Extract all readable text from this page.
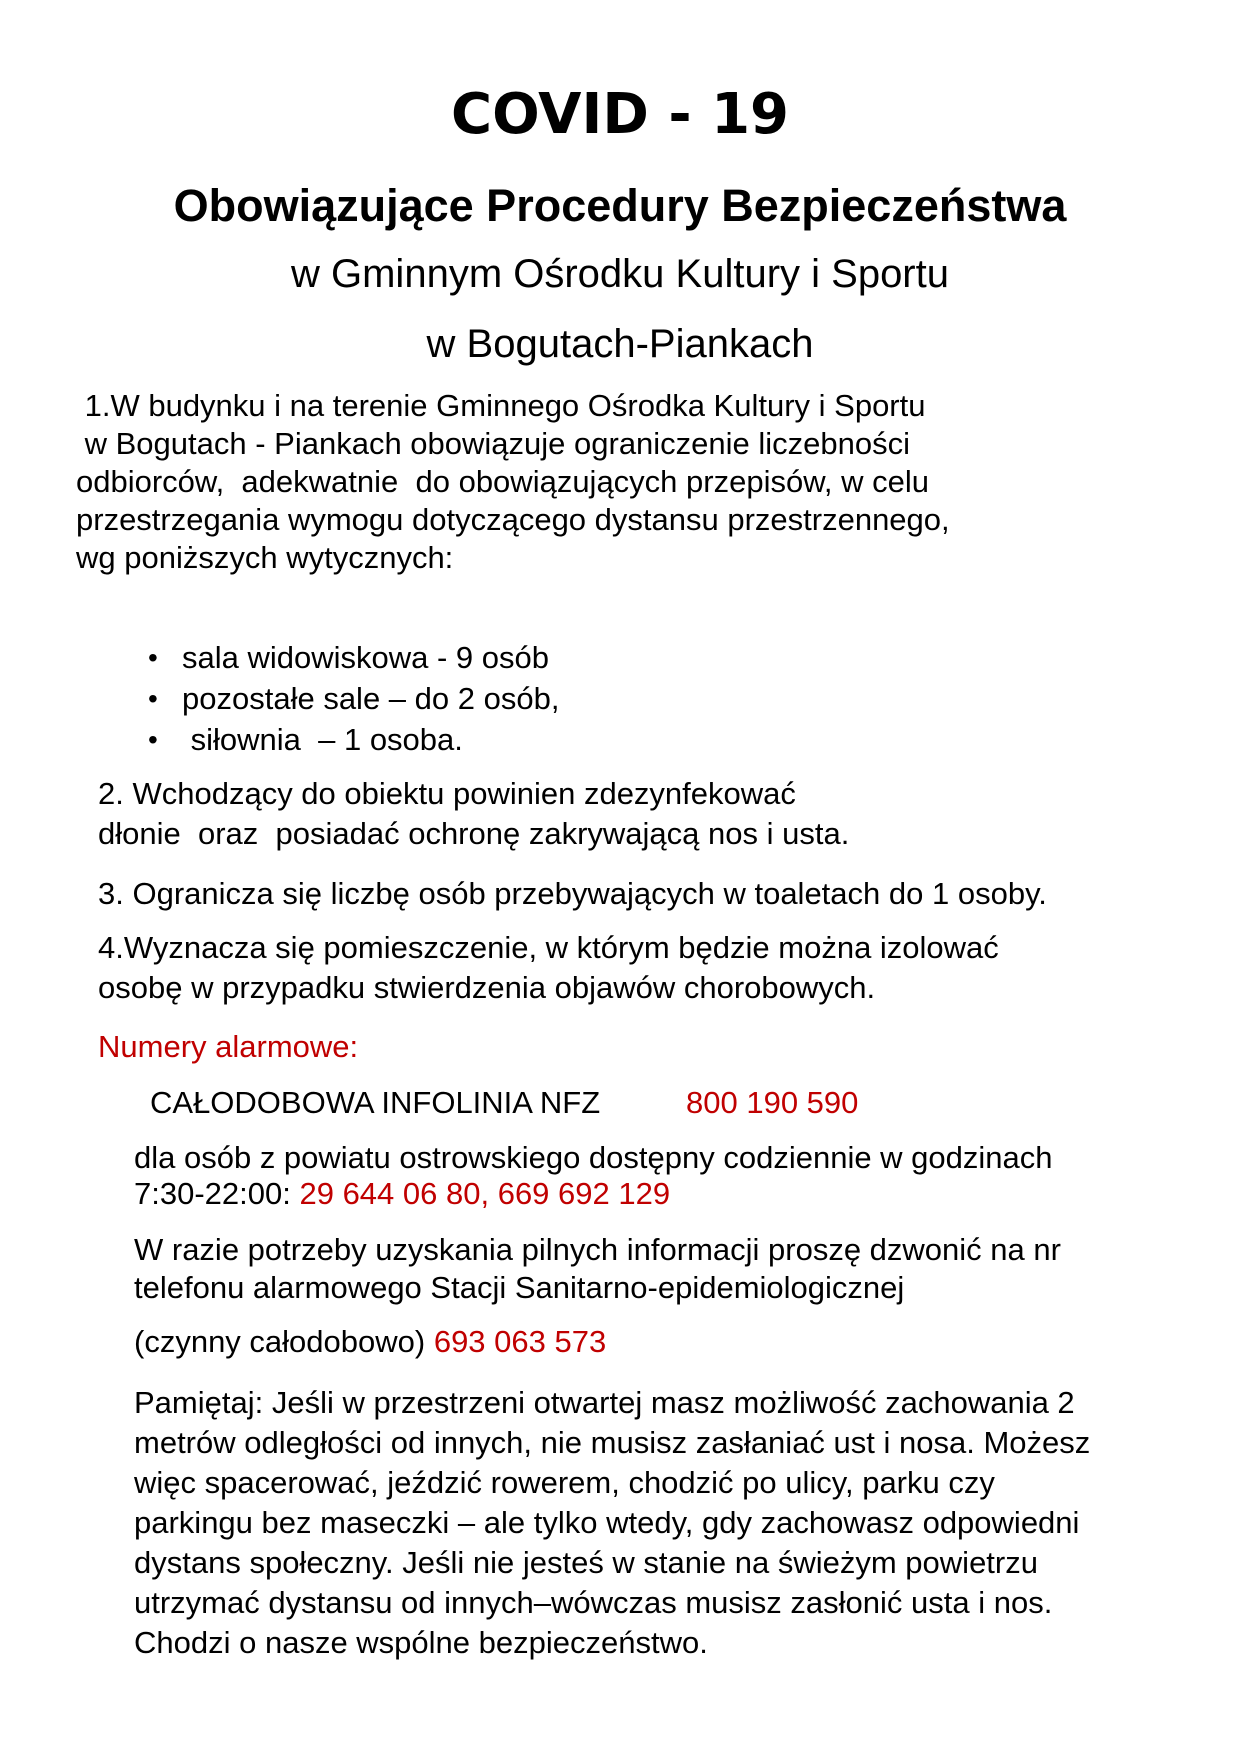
COVID - 19
Obowiązujące Procedury Bezpieczeństwa
w Gminnym Ośrodku Kultury i Sportu
w Bogutach-Piankach
1.W budynku i na terenie Gminnego Ośrodka Kultury i Sportu
w Bogutach - Piankach obowiązuje ograniczenie liczebności
odbiorców,  adekwatnie  do obowiązujących przepisów, w celu
przestrzegania wymogu dotyczącego dystansu przestrzennego,
wg poniższych wytycznych:
• sala widowiskowa - 9 osób
• pozostałe sale – do 2 osób,
•  siłownia  – 1 osoba.
2. Wchodzący do obiektu powinien zdezynfekować
dłonie  oraz  posiadać ochronę zakrywającą nos i usta.
3. Ogranicza się liczbę osób przebywających w toaletach do 1 osoby.
4.Wyznacza się pomieszczenie, w którym będzie można izolować
osobę w przypadku stwierdzenia objawów chorobowych.
Numery alarmowe:
CAŁODOBOWA INFOLINIA NFZ	800 190 590
dla osób z powiatu ostrowskiego dostępny codziennie w godzinach
7:30-22:00: 29 644 06 80, 669 692 129
W razie potrzeby uzyskania pilnych informacji proszę dzwonić na nr
telefonu alarmowego Stacji Sanitarno-epidemiologicznej
(czynny całodobowo) 693 063 573
Pamiętaj: Jeśli w przestrzeni otwartej masz możliwość zachowania 2
metrów odległości od innych, nie musisz zasłaniać ust i nosa. Możesz
więc spacerować, jeździć rowerem, chodzić po ulicy, parku czy
parkingu bez maseczki – ale tylko wtedy, gdy zachowasz odpowiedni
dystans społeczny. Jeśli nie jesteś w stanie na świeżym powietrzu
utrzymać dystansu od innych–wówczas musisz zasłonić usta i nos.
Chodzi o nasze wspólne bezpieczeństwo.
